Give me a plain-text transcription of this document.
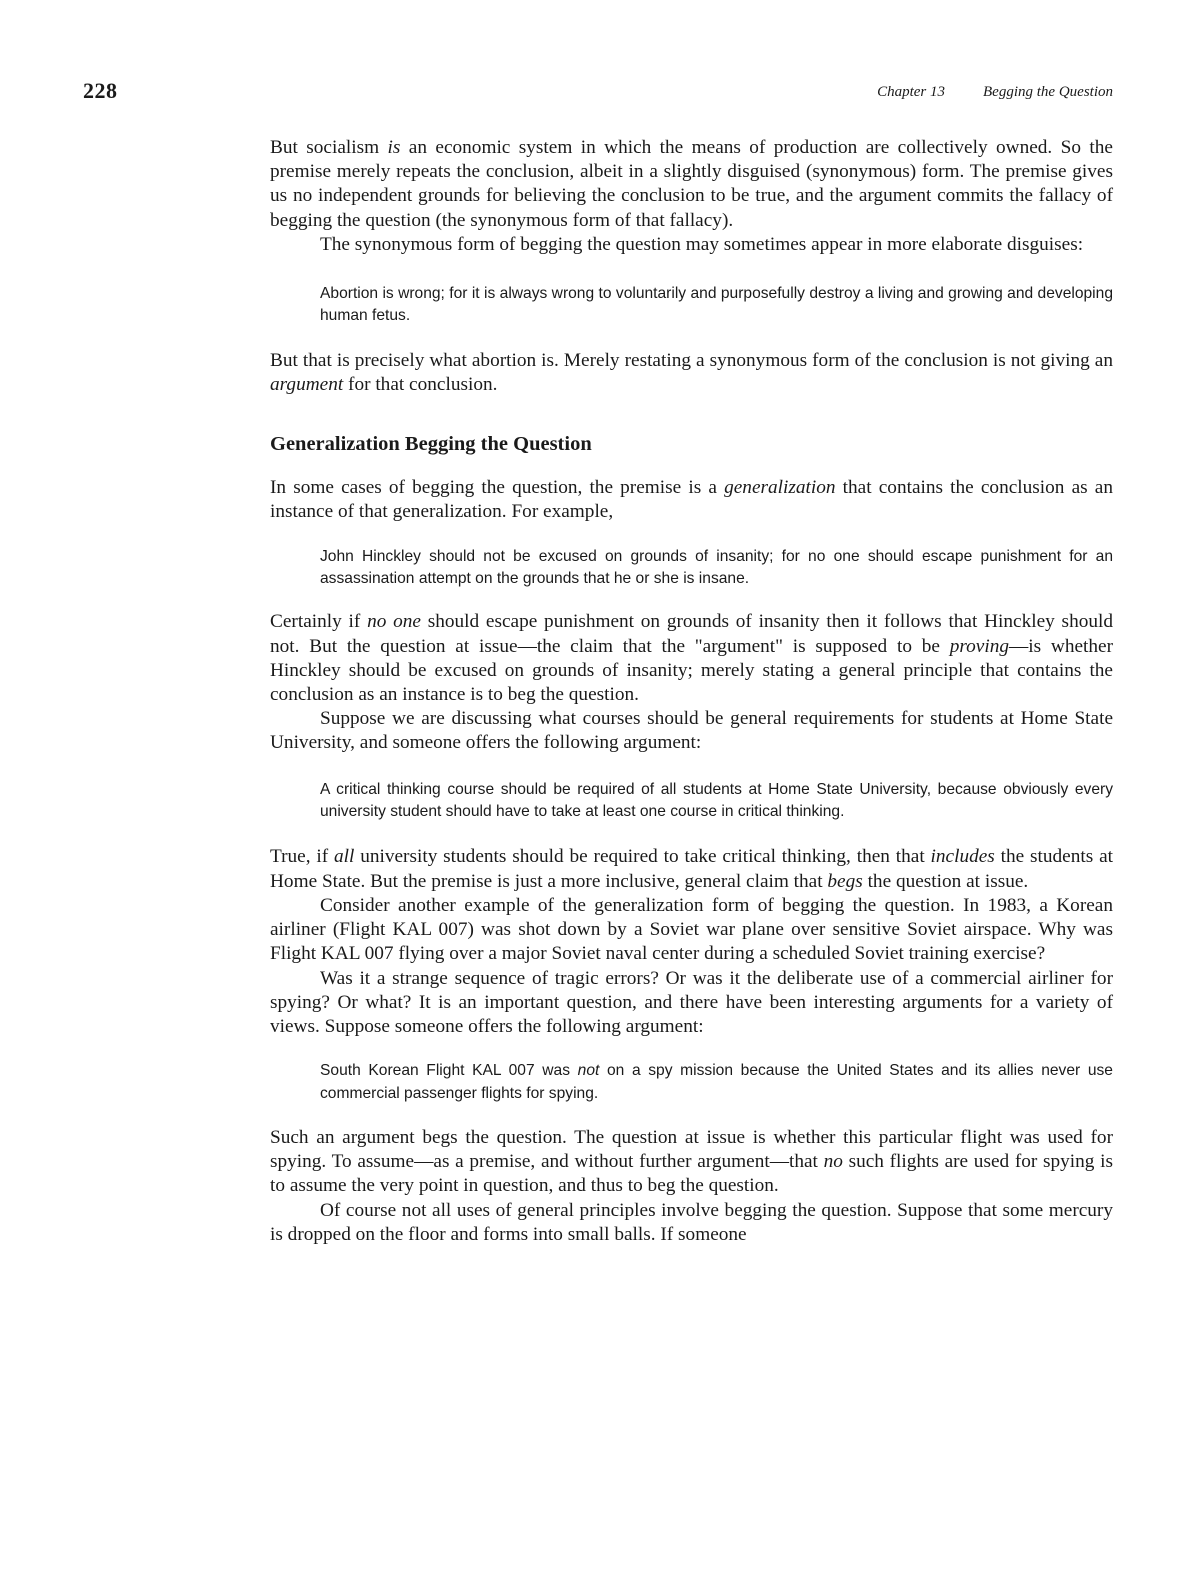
228	Chapter 13	Begging the Question

But socialism is an economic system in which the means of production are collectively owned. So the premise merely repeats the conclusion, albeit in a slightly disguised (synonymous) form. The premise gives us no independent grounds for believing the conclusion to be true, and the argument commits the fallacy of begging the question (the synonymous form of that fallacy).

The synonymous form of begging the question may sometimes appear in more elaborate disguises:

Abortion is wrong; for it is always wrong to voluntarily and purposefully destroy a living and growing and developing human fetus.

But that is precisely what abortion is. Merely restating a synonymous form of the conclusion is not giving an argument for that conclusion.

Generalization Begging the Question

In some cases of begging the question, the premise is a generalization that contains the conclusion as an instance of that generalization. For example,

John Hinckley should not be excused on grounds of insanity; for no one should escape punishment for an assassination attempt on the grounds that he or she is insane.

Certainly if no one should escape punishment on grounds of insanity then it follows that Hinckley should not. But the question at issue—the claim that the "argument" is supposed to be proving—is whether Hinckley should be excused on grounds of insanity; merely stating a general principle that contains the conclusion as an instance is to beg the question.

Suppose we are discussing what courses should be general requirements for students at Home State University, and someone offers the following argument:

A critical thinking course should be required of all students at Home State University, because obviously every university student should have to take at least one course in critical thinking.

True, if all university students should be required to take critical thinking, then that includes the students at Home State. But the premise is just a more inclusive, general claim that begs the question at issue.

Consider another example of the generalization form of begging the question. In 1983, a Korean airliner (Flight KAL 007) was shot down by a Soviet war plane over sensitive Soviet airspace. Why was Flight KAL 007 flying over a major Soviet naval center during a scheduled Soviet training exercise?

Was it a strange sequence of tragic errors? Or was it the deliberate use of a commercial airliner for spying? Or what? It is an important question, and there have been interesting arguments for a variety of views. Suppose someone offers the following argument:

South Korean Flight KAL 007 was not on a spy mission because the United States and its allies never use commercial passenger flights for spying.

Such an argument begs the question. The question at issue is whether this particular flight was used for spying. To assume—as a premise, and without further argument—that no such flights are used for spying is to assume the very point in question, and thus to beg the question.

Of course not all uses of general principles involve begging the question. Suppose that some mercury is dropped on the floor and forms into small balls. If someone
